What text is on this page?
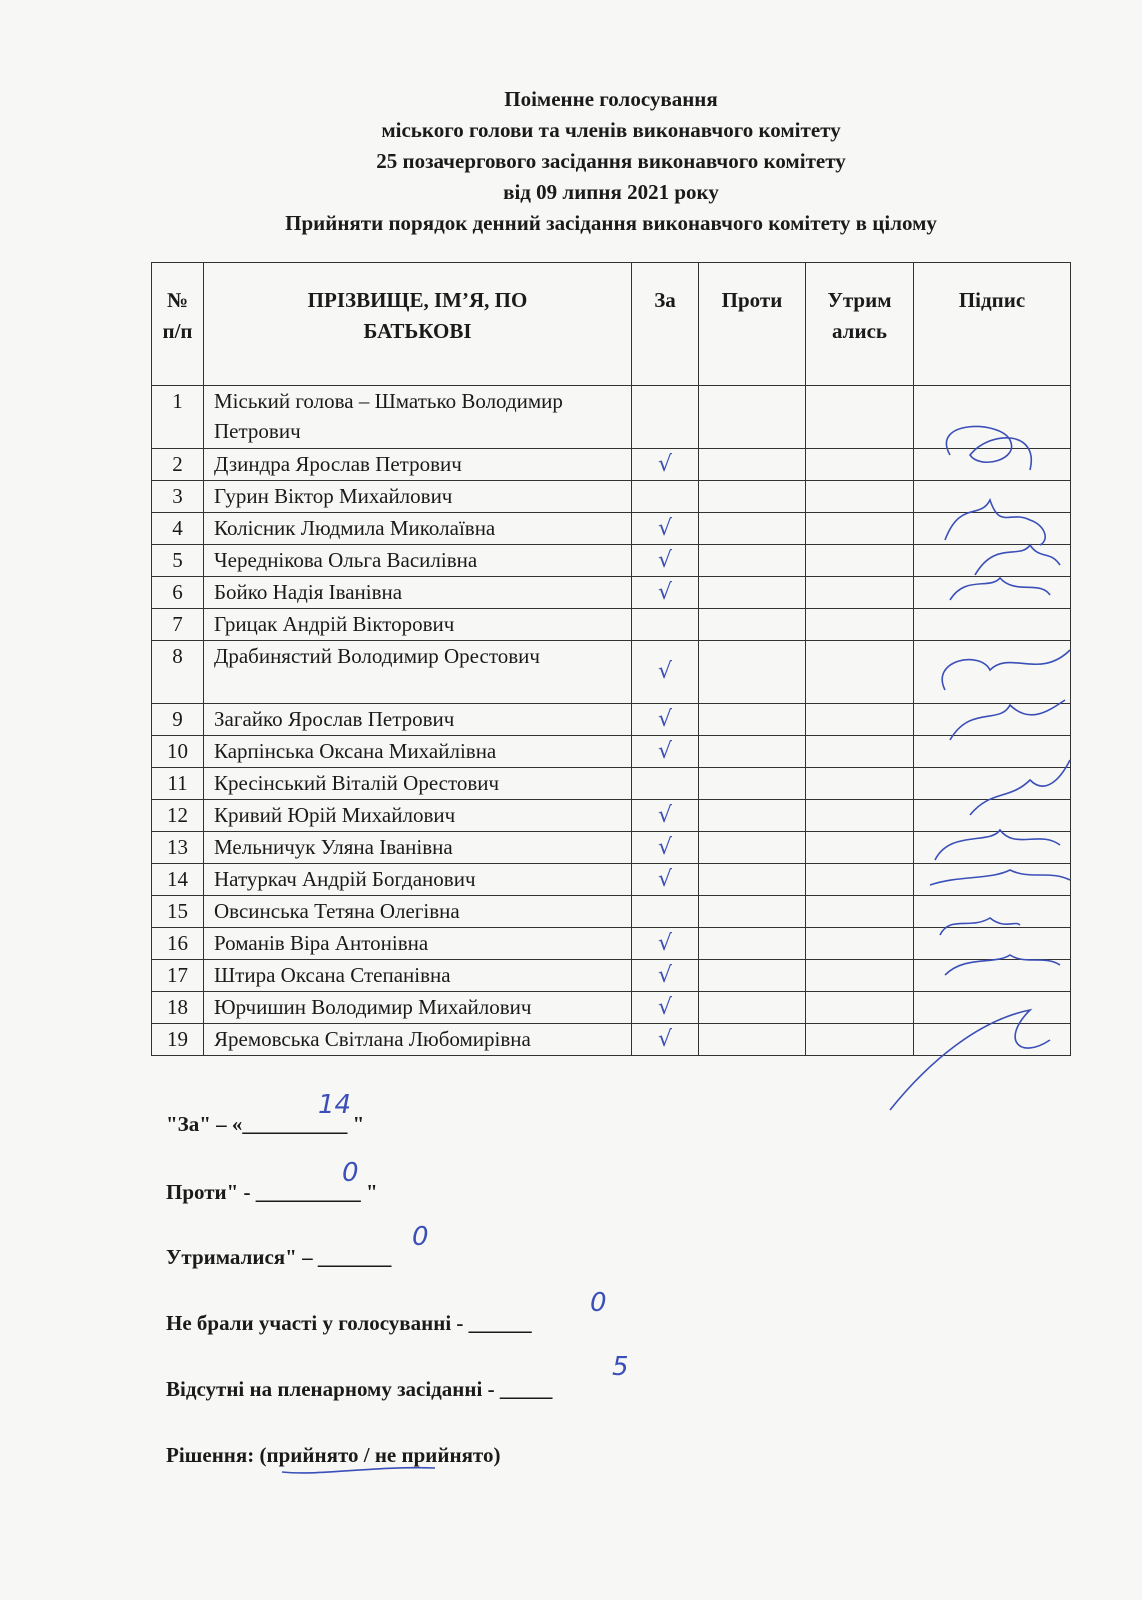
Поіменне голосування
міського голови та членів виконавчого комітету
25 позачергового засідання виконавчого комітету
від 09 липня 2021 року
Прийняти порядок денний засідання виконавчого комітету в цілому
№ п/п	ПРІЗВИЩЕ, ІМ’Я, ПО БАТЬКОВІ	За	Проти	Утрим ались	Підпис
1	Міський голова – Шматько Володимир Петрович				
2	Дзиндра Ярослав Петрович	√			
3	Гурин Віктор Михайлович				
4	Колісник Людмила Миколаївна	√			
5	Череднікова Ольга Василівна	√			
6	Бойко Надія Іванівна	√			
7	Грицак Андрій Вікторович				
8	Драбинястий Володимир Орестович	√			
9	Загайко Ярослав Петрович	√			
10	Карпінська Оксана Михайлівна	√			
11	Кресінський Віталій Орестович				
12	Кривий Юрій Михайлович	√			
13	Мельничук Уляна Іванівна	√			
14	Натуркач Андрій Богданович	√			
15	Овсинська Тетяна Олегівна				
16	Романів Віра Антонівна	√			
17	Штира Оксана Степанівна	√			
18	Юрчишин Володимир Михайлович	√			
19	Яремовська Світлана Любомирівна	√			
"За" – «__________ "
14
Проти" - __________ "
0
Утрималися" – _______
0
Не брали участі у голосуванні - ______
0
Відсутні на пленарному засіданні - _____
5
Рішення: (прийнято / не прийнято)
